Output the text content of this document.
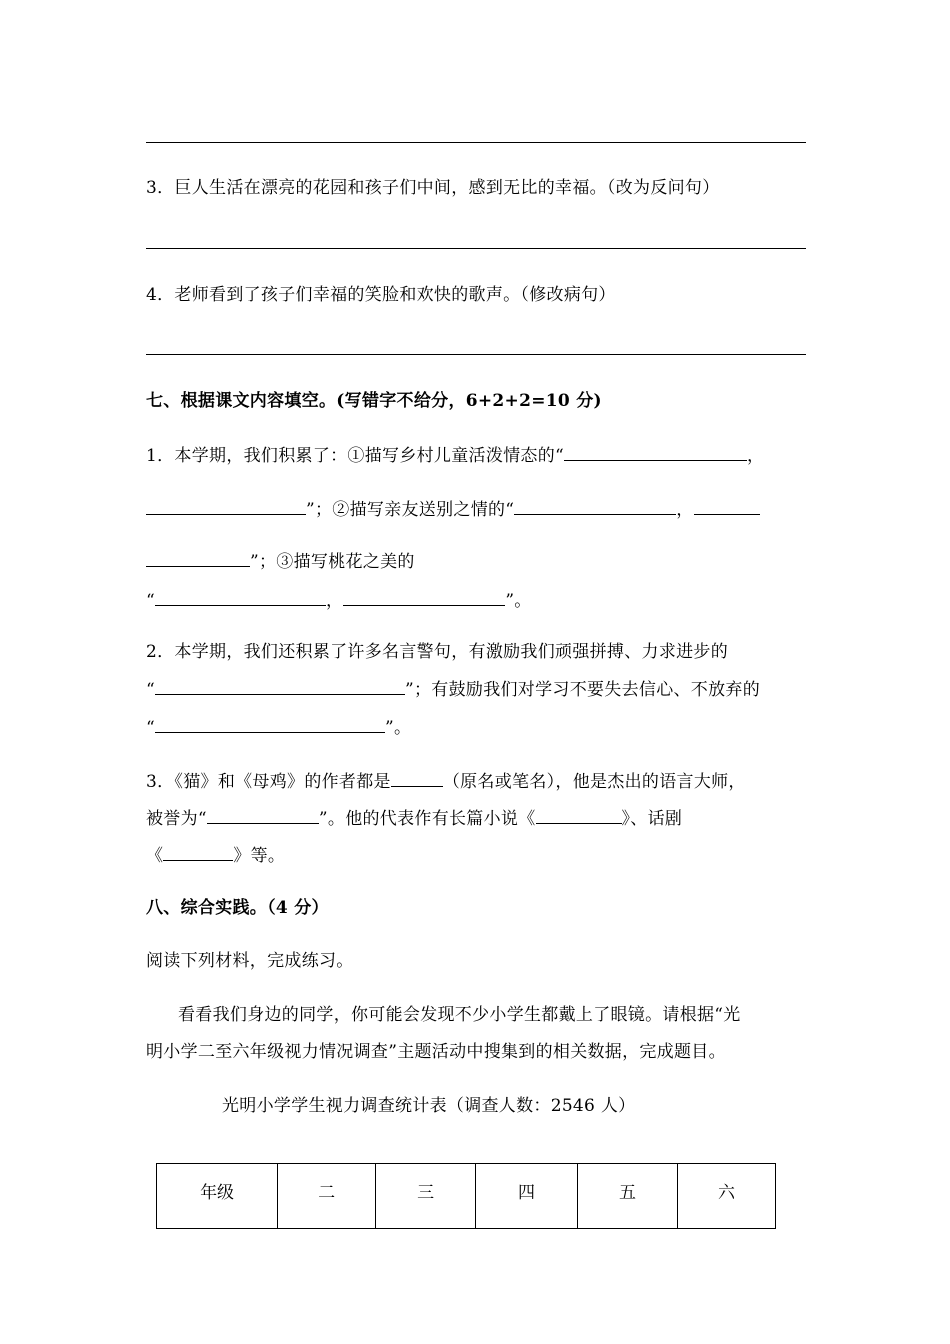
3．巨人生活在漂亮的花园和孩子们中间，感到无比的幸福。（改为反问句）
4．老师看到了孩子们幸福的笑脸和欢快的歌声。（修改病句）
七、根据课文内容填空。(写错字不给分，6+2+2=10 分)
1．本学期，我们积累了：①描写乡村儿童活泼情态的“	，
”；②描写亲友送别之情的“	，
”；③描写桃花之美的
“	，	”。
2．本学期，我们还积累了许多名言警句，有激励我们顽强拼搏、力求进步的
“	”；有鼓励我们对学习不要失去信心、不放弃的
“	”。
3．《猫》和《母鸡》的作者都是	（原名或笔名），他是杰出的语言大师，
被誉为“	”。他的代表作有长篇小说《	》、话剧
《	》等。
八、综合实践。（4 分）
阅读下列材料，完成练习。
看看我们身边的同学，你可能会发现不少小学生都戴上了眼镜。请根据“光
明小学二至六年级视力情况调查”主题活动中搜集到的相关数据，完成题目。
光明小学学生视力调查统计表（调查人数：2546 人）
年级	二	三	四	五	六
